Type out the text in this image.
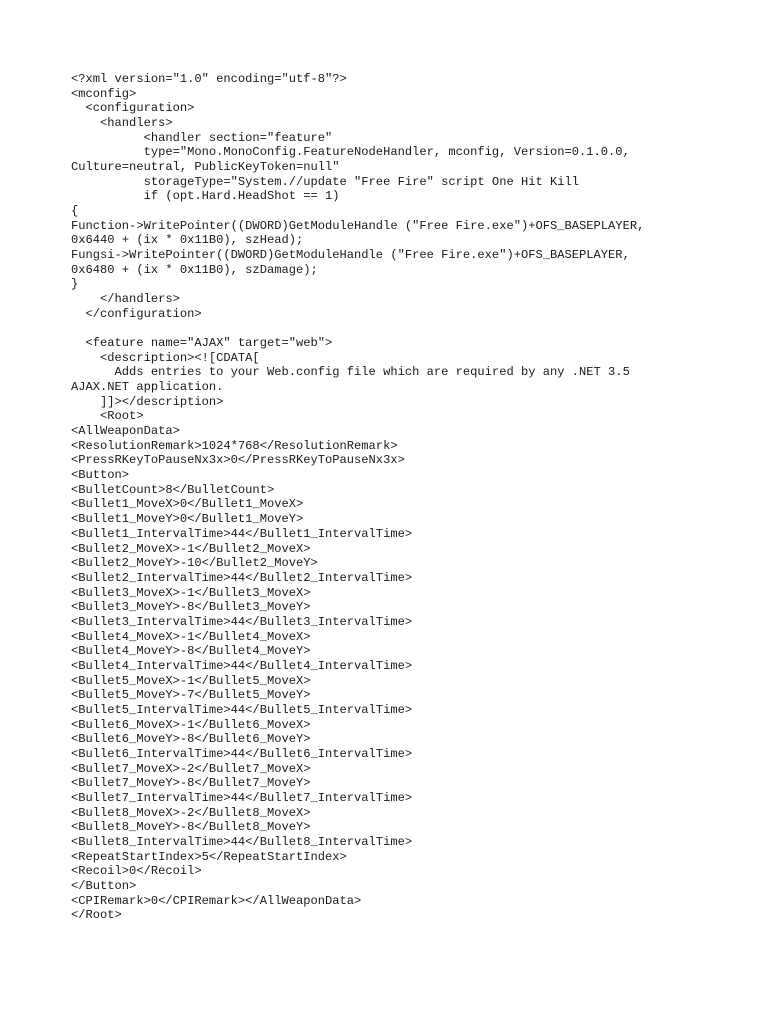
<?xml version="1.0" encoding="utf-8"?>
<mconfig>
<configuration>
<handlers>
<handler section="feature"
type="Mono.MonoConfig.FeatureNodeHandler, mconfig, Version=0.1.0.0,
Culture=neutral, PublicKeyToken=null"
storageType="System.//update "Free Fire" script One Hit Kill
if (opt.Hard.HeadShot == 1)
{
Function->WritePointer((DWORD)GetModuleHandle ("Free Fire.exe")+OFS_BASEPLAYER,
0x6440 + (ix * 0x11B0), szHead);
Fungsi->WritePointer((DWORD)GetModuleHandle ("Free Fire.exe")+OFS_BASEPLAYER,
0x6480 + (ix * 0x11B0), szDamage);
}
</handlers>
</configuration>
<feature name="AJAX" target="web">
<description><![CDATA[
Adds entries to your Web.config file which are required by any .NET 3.5
AJAX.NET application.
]]></description>
<Root>
<AllWeaponData>
<ResolutionRemark>1024*768</ResolutionRemark>
<PressRKeyToPauseNx3x>0</PressRKeyToPauseNx3x>
<Button>
<BulletCount>8</BulletCount>
<Bullet1_MoveX>0</Bullet1_MoveX>
<Bullet1_MoveY>0</Bullet1_MoveY>
<Bullet1_IntervalTime>44</Bullet1_IntervalTime>
<Bullet2_MoveX>-1</Bullet2_MoveX>
<Bullet2_MoveY>-10</Bullet2_MoveY>
<Bullet2_IntervalTime>44</Bullet2_IntervalTime>
<Bullet3_MoveX>-1</Bullet3_MoveX>
<Bullet3_MoveY>-8</Bullet3_MoveY>
<Bullet3_IntervalTime>44</Bullet3_IntervalTime>
<Bullet4_MoveX>-1</Bullet4_MoveX>
<Bullet4_MoveY>-8</Bullet4_MoveY>
<Bullet4_IntervalTime>44</Bullet4_IntervalTime>
<Bullet5_MoveX>-1</Bullet5_MoveX>
<Bullet5_MoveY>-7</Bullet5_MoveY>
<Bullet5_IntervalTime>44</Bullet5_IntervalTime>
<Bullet6_MoveX>-1</Bullet6_MoveX>
<Bullet6_MoveY>-8</Bullet6_MoveY>
<Bullet6_IntervalTime>44</Bullet6_IntervalTime>
<Bullet7_MoveX>-2</Bullet7_MoveX>
<Bullet7_MoveY>-8</Bullet7_MoveY>
<Bullet7_IntervalTime>44</Bullet7_IntervalTime>
<Bullet8_MoveX>-2</Bullet8_MoveX>
<Bullet8_MoveY>-8</Bullet8_MoveY>
<Bullet8_IntervalTime>44</Bullet8_IntervalTime>
<RepeatStartIndex>5</RepeatStartIndex>
<Recoil>0</Recoil>
</Button>
<CPIRemark>0</CPIRemark></AllWeaponData>
</Root>
